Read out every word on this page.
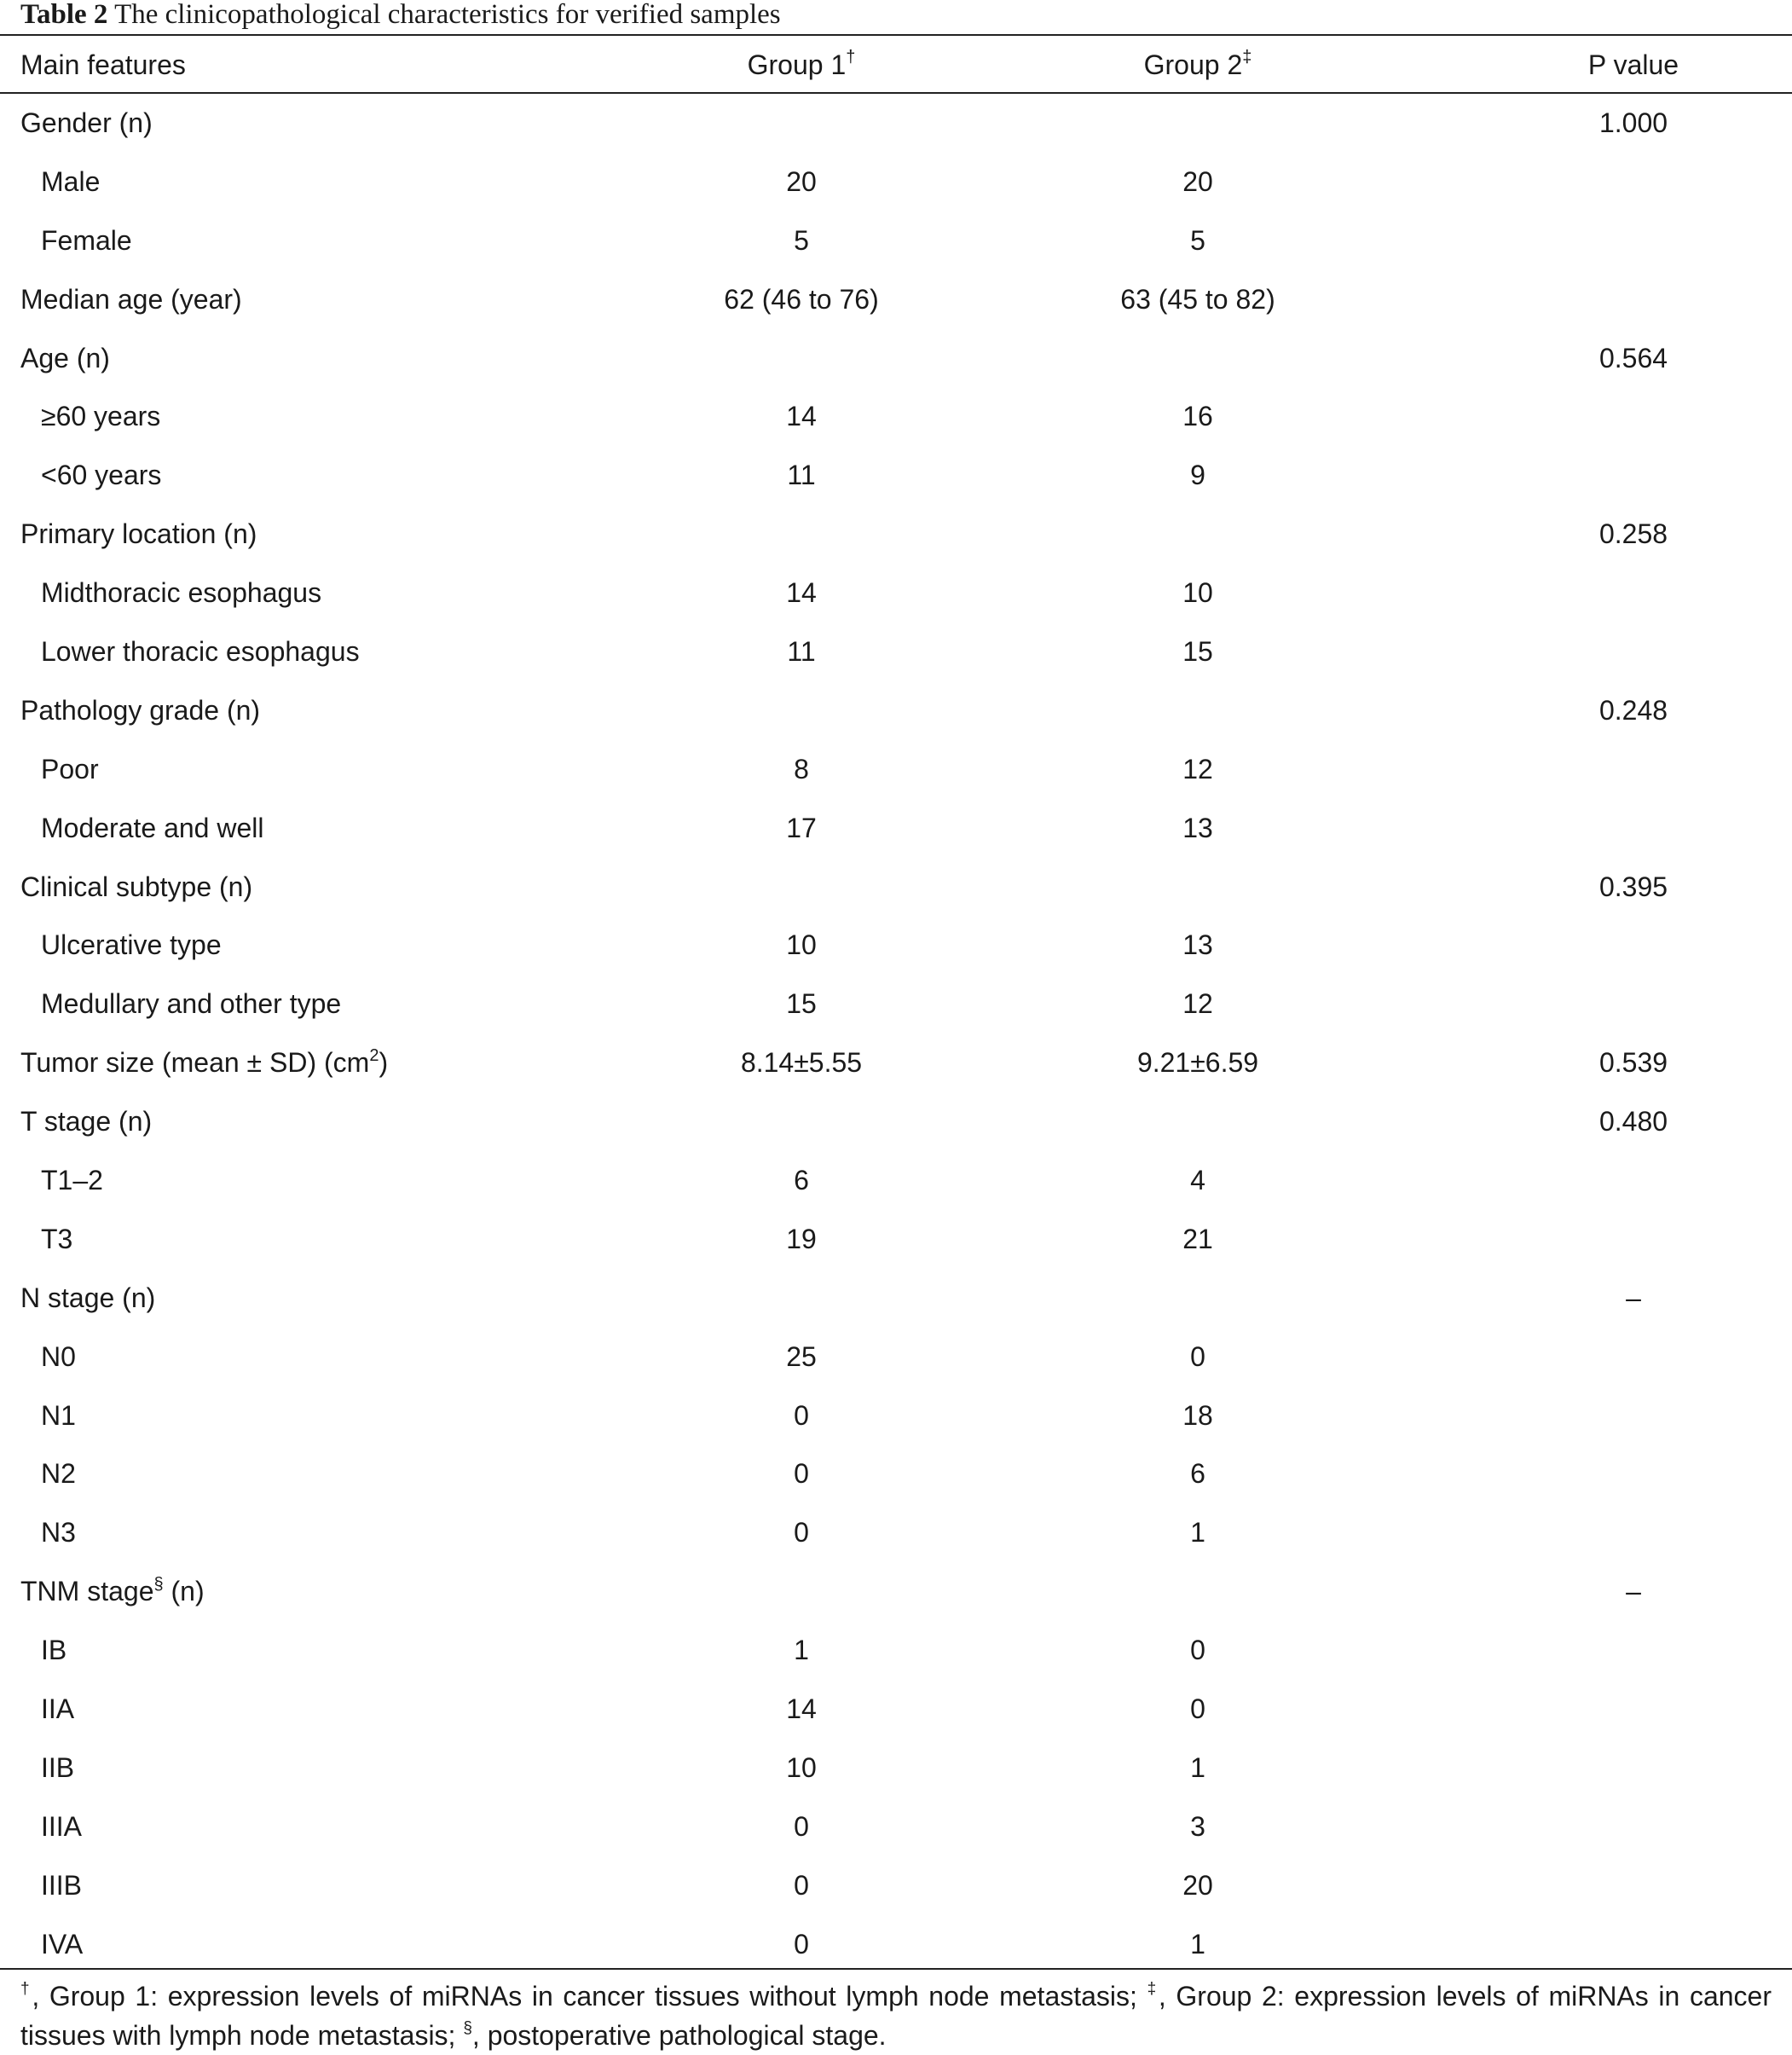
Table 2 The clinicopathological characteristics for verified samples
Main features	Group 1†	Group 2‡	P value
Gender (n)			1.000
Male	20	20	
Female	5	5	
Median age (year)	62 (46 to 76)	63 (45 to 82)	
Age (n)			0.564
≥60 years	14	16	
<60 years	11	9	
Primary location (n)			0.258
Midthoracic esophagus	14	10	
Lower thoracic esophagus	11	15	
Pathology grade (n)			0.248
Poor	8	12	
Moderate and well	17	13	
Clinical subtype (n)			0.395
Ulcerative type	10	13	
Medullary and other type	15	12	
Tumor size (mean ± SD) $(cm^2)$	8.14±5.55	9.21±6.59	0.539
T stage (n)			0.480
T1–2	6	4	
T3	19	21	
N stage (n)			–
N0	25	0	
N1	0	18	
N2	0	6	
N3	0	1	
TNM stage§ (n)			–
IB	1	0	
IIA	14	0	
IIB	10	1	
IIIA	0	3	
IIIB	0	20	
IVA	0	1	
†, Group 1: expression levels of miRNAs in cancer tissues without lymph node metastasis; ‡, Group 2: expression levels of miRNAs in cancer tissues with lymph node metastasis; §, postoperative pathological stage.
